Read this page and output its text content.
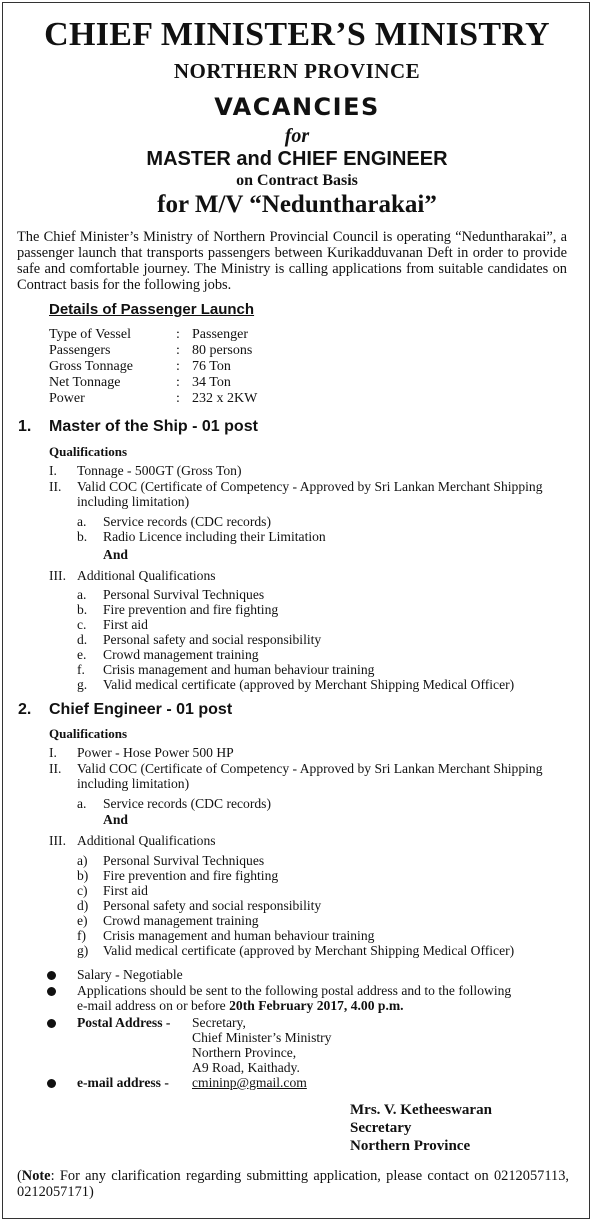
CHIEF MINISTER’S MINISTRY
NORTHERN PROVINCE
VACANCIES
for
MASTER and CHIEF ENGINEER
on Contract Basis
for M/V “Neduntharakai”
The Chief Minister’s Ministry of Northern Provincial Council is operating “Neduntharakai”, a passenger launch that transports passengers between Kurikadduvanan Deft in order to provide safe and comfortable journey. The Ministry is calling applications from suitable candidates on Contract basis for the following jobs.
Details of Passenger Launch
Type of Vessel	: Passenger
Passengers	: 80 persons
Gross Tonnage	: 76 Ton
Net Tonnage	: 34 Ton
Power	: 232 x 2KW
1. Master of the Ship - 01 post
Qualifications
I. Tonnage - 500GT (Gross Ton)
II. Valid COC (Certificate of Competency - Approved by Sri Lankan Merchant Shipping
including limitation)
a. Service records (CDC records)
b. Radio Licence including their Limitation
And
III. Additional Qualifications
a. Personal Survival Techniques
b. Fire prevention and fire fighting
c. First aid
d. Personal safety and social responsibility
e. Crowd management training
f. Crisis management and human behaviour training
g. Valid medical certificate (approved by Merchant Shipping Medical Officer)
2. Chief Engineer - 01 post
Qualifications
I. Power - Hose Power 500 HP
II. Valid COC (Certificate of Competency - Approved by Sri Lankan Merchant Shipping
including limitation)
a. Service records (CDC records)
And
III. Additional Qualifications
a) Personal Survival Techniques
b) Fire prevention and fire fighting
c) First aid
d) Personal safety and social responsibility
e) Crowd management training
f) Crisis management and human behaviour training
g) Valid medical certificate (approved by Merchant Shipping Medical Officer)
Salary - Negotiable
Applications should be sent to the following postal address and to the following
e-mail address on or before 20th February 2017, 4.00 p.m.
Postal Address - Secretary,
Chief Minister’s Ministry
Northern Province,
A9 Road, Kaithady.
e-mail address - cmininp@gmail.com
Mrs. V. Ketheeswaran
Secretary
Northern Province
(Note: For any clarification regarding submitting application, please contact on 0212057113, 0212057171)
